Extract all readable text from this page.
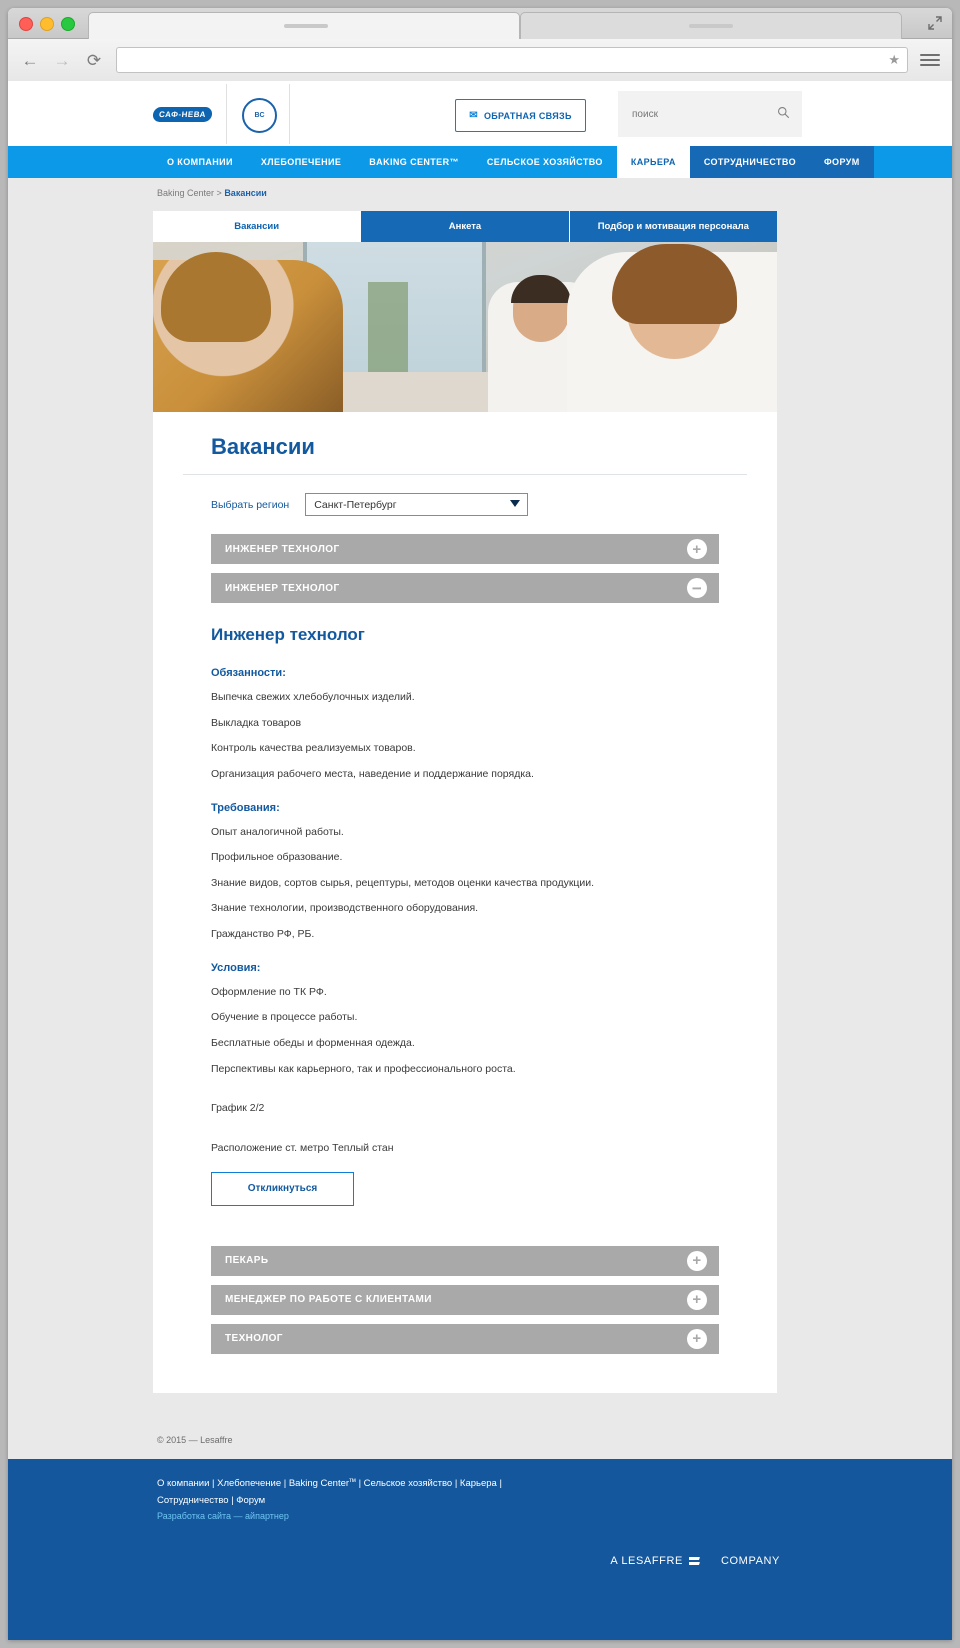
← → ⟳	★
САФ-НЕВА	BC	✉ ОБРАТНАЯ СВЯЗЬ
поиск
О КОМПАНИИ	ХЛЕБОПЕЧЕНИЕ	BAKING CENTER™	СЕЛЬСКОЕ ХОЗЯЙСТВО	КАРЬЕРА	СОТРУДНИЧЕСТВО	ФОРУМ
Baking Center > Вакансии
Вакансии	Анкета	Подбор и мотивация персонала
Вакансии
Выбрать регион Санкт-Петербург
ИНЖЕНЕР ТЕХНОЛОГ	+
ИНЖЕНЕР ТЕХНОЛОГ	−
Инженер технолог
Обязанности:

Выпечка свежих хлебобулочных изделий.

Выкладка товаров

Контроль качества реализуемых товаров.

Организация рабочего места, наведение и поддержание порядка.

Требования:

Опыт аналогичной работы.

Профильное образование.

Знание видов, сортов сырья, рецептуры, методов оценки качества продукции.

Знание технологии, производственного оборудования.

Гражданство РФ, РБ.

Условия:

Оформление по ТК РФ.

Обучение в процессе работы.

Бесплатные обеды и форменная одежда.

Перспективы как карьерного, так и профессионального роста.

График 2/2

Расположение ст. метро Теплый стан

Откликнуться
ПЕКАРЬ	+
МЕНЕДЖЕР ПО РАБОТЕ С КЛИЕНТАМИ	+
ТЕХНОЛОГ	+
© 2015 — Lesaffre
О компании | Хлебопечение | Baking Center$^{тм}$ | Сельское хозяйство | Карьера |
Сотрудничество | Форум
Разработка сайта — айпартнер
A LESAFFRE	COMPANY
